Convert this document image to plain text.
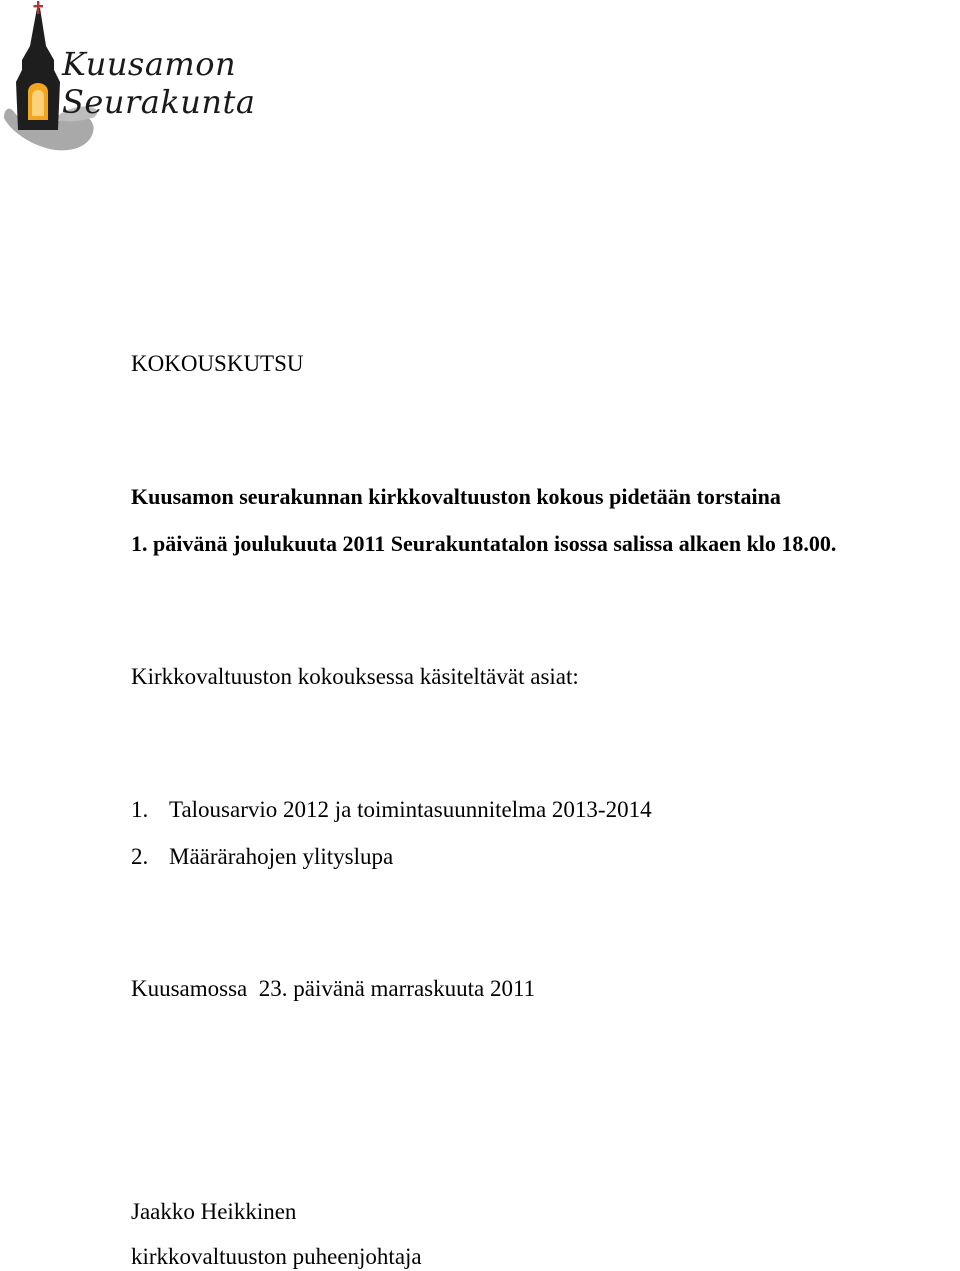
Kuusamon
Seurakunta
KOKOUSKUTSU
Kuusamon seurakunnan kirkkovaltuuston kokous pidetään torstaina
1. päivänä joulukuuta 2011 Seurakuntatalon isossa salissa alkaen klo 18.00.
Kirkkovaltuuston kokouksessa käsiteltävät asiat:
1. Talousarvio 2012 ja toimintasuunnitelma 2013-2014
2. Määrärahojen ylityslupa
Kuusamossa  23. päivänä marraskuuta 2011
Jaakko Heikkinen
kirkkovaltuuston puheenjohtaja
